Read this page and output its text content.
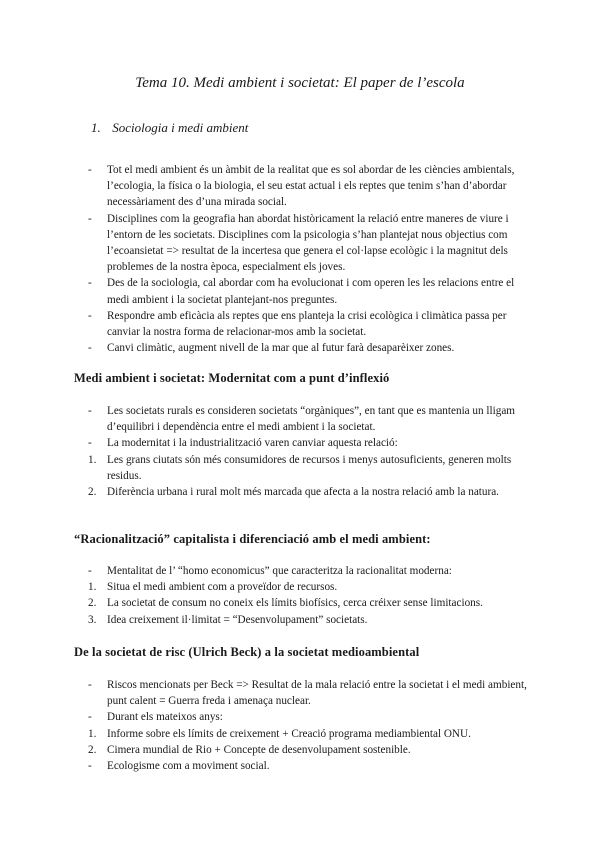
Tema 10. Medi ambient i societat: El paper de l’escola
1. Sociologia i medi ambient
- Tot el medi ambient és un àmbit de la realitat que es sol abordar de les ciències ambientals, l’ecologia, la física o la biologia, el seu estat actual i els reptes que tenim s’han d’abordar necessàriament des d’una mirada social.
- Disciplines com la geografia han abordat històricament la relació entre maneres de viure i l’entorn de les societats. Disciplines com la psicologia s’han plantejat nous objectius com l’ecoansietat => resultat de la incertesa que genera el col·lapse ecològic i la magnitut dels problemes de la nostra època, especialment els joves.
- Des de la sociologia, cal abordar com ha evolucionat i com operen les les relacions entre el medi ambient i la societat plantejant-nos preguntes.
- Respondre amb eficàcia als reptes que ens planteja la crisi ecològica i climàtica passa per canviar la nostra forma de relacionar-mos amb la societat.
- Canvi climàtic, augment nivell de la mar que al futur farà desaparèixer zones.
Medi ambient i societat: Modernitat com a punt d’inflexió
- Les societats rurals es consideren societats “orgàniques”, en tant que es mantenia un lligam d’equilibri i dependència entre el medi ambient i la societat.
- La modernitat i la industrialització varen canviar aquesta relació:
1. Les grans ciutats són més consumidores de recursos i menys autosuficients, generen molts residus.
2. Diferència urbana i rural molt més marcada que afecta a la nostra relació amb la natura.
“Racionalització” capitalista i diferenciació amb el medi ambient:
- Mentalitat de l’ “homo economicus” que caracteritza la racionalitat moderna:
1. Situa el medi ambient com a proveïdor de recursos.
2. La societat de consum no coneix els límits biofísics, cerca créixer sense limitacions.
3. Idea creixement il·limitat = “Desenvolupament” societats.
De la societat de risc (Ulrich Beck) a la societat medioambiental
- Riscos mencionats per Beck => Resultat de la mala relació entre la societat i el medi ambient, punt calent = Guerra freda i amenaça nuclear.
- Durant els mateixos anys:
1. Informe sobre els límits de creixement + Creació programa mediambiental ONU.
2. Cimera mundial de Rio + Concepte de desenvolupament sostenible.
- Ecologisme com a moviment social.
